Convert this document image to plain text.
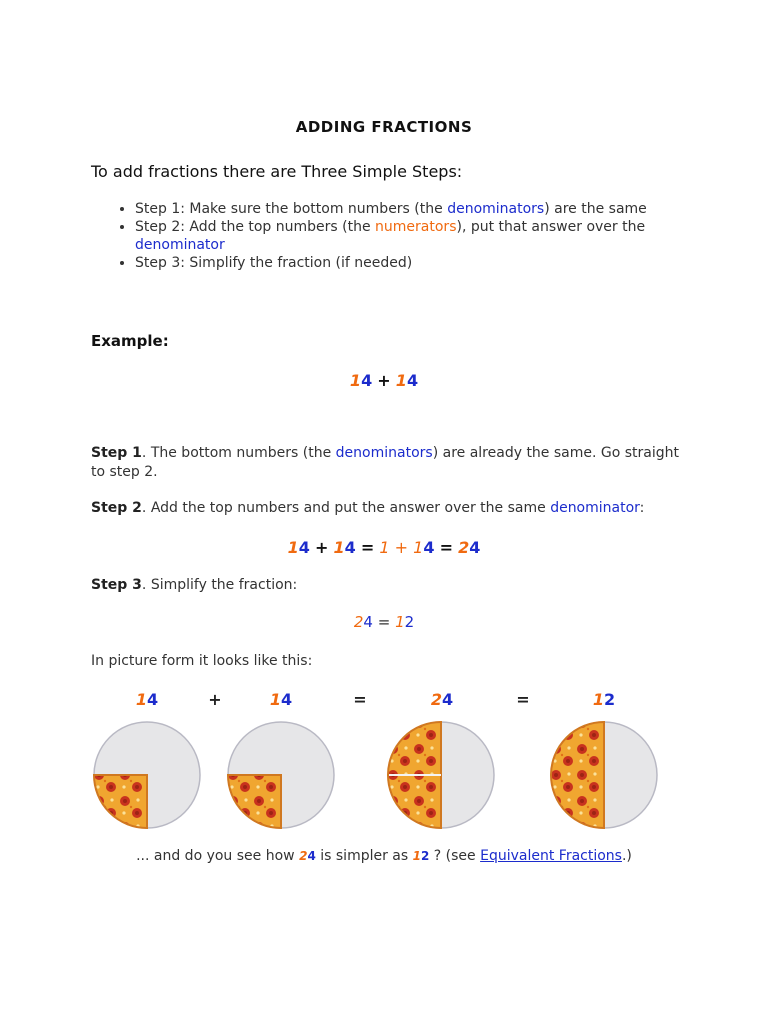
ADDING FRACTIONS
To add fractions there are Three Simple Steps:
• Step 1: Make sure the bottom numbers (the denominators) are the same
• Step 2: Add the top numbers (the numerators), put that answer over the denominator
• Step 3: Simplify the fraction (if needed)
Example:
14 + 14
Step 1. The bottom numbers (the denominators) are already the same. Go straight to step 2.
Step 2. Add the top numbers and put the answer over the same denominator:
14 + 14 = 1 + 14 = 24
Step 3. Simplify the fraction:
24 = 12
In picture form it looks like this:
14	+	14	=	24	=	12
... and do you see how 24 is simpler as 12 ? (see Equivalent Fractions.)
